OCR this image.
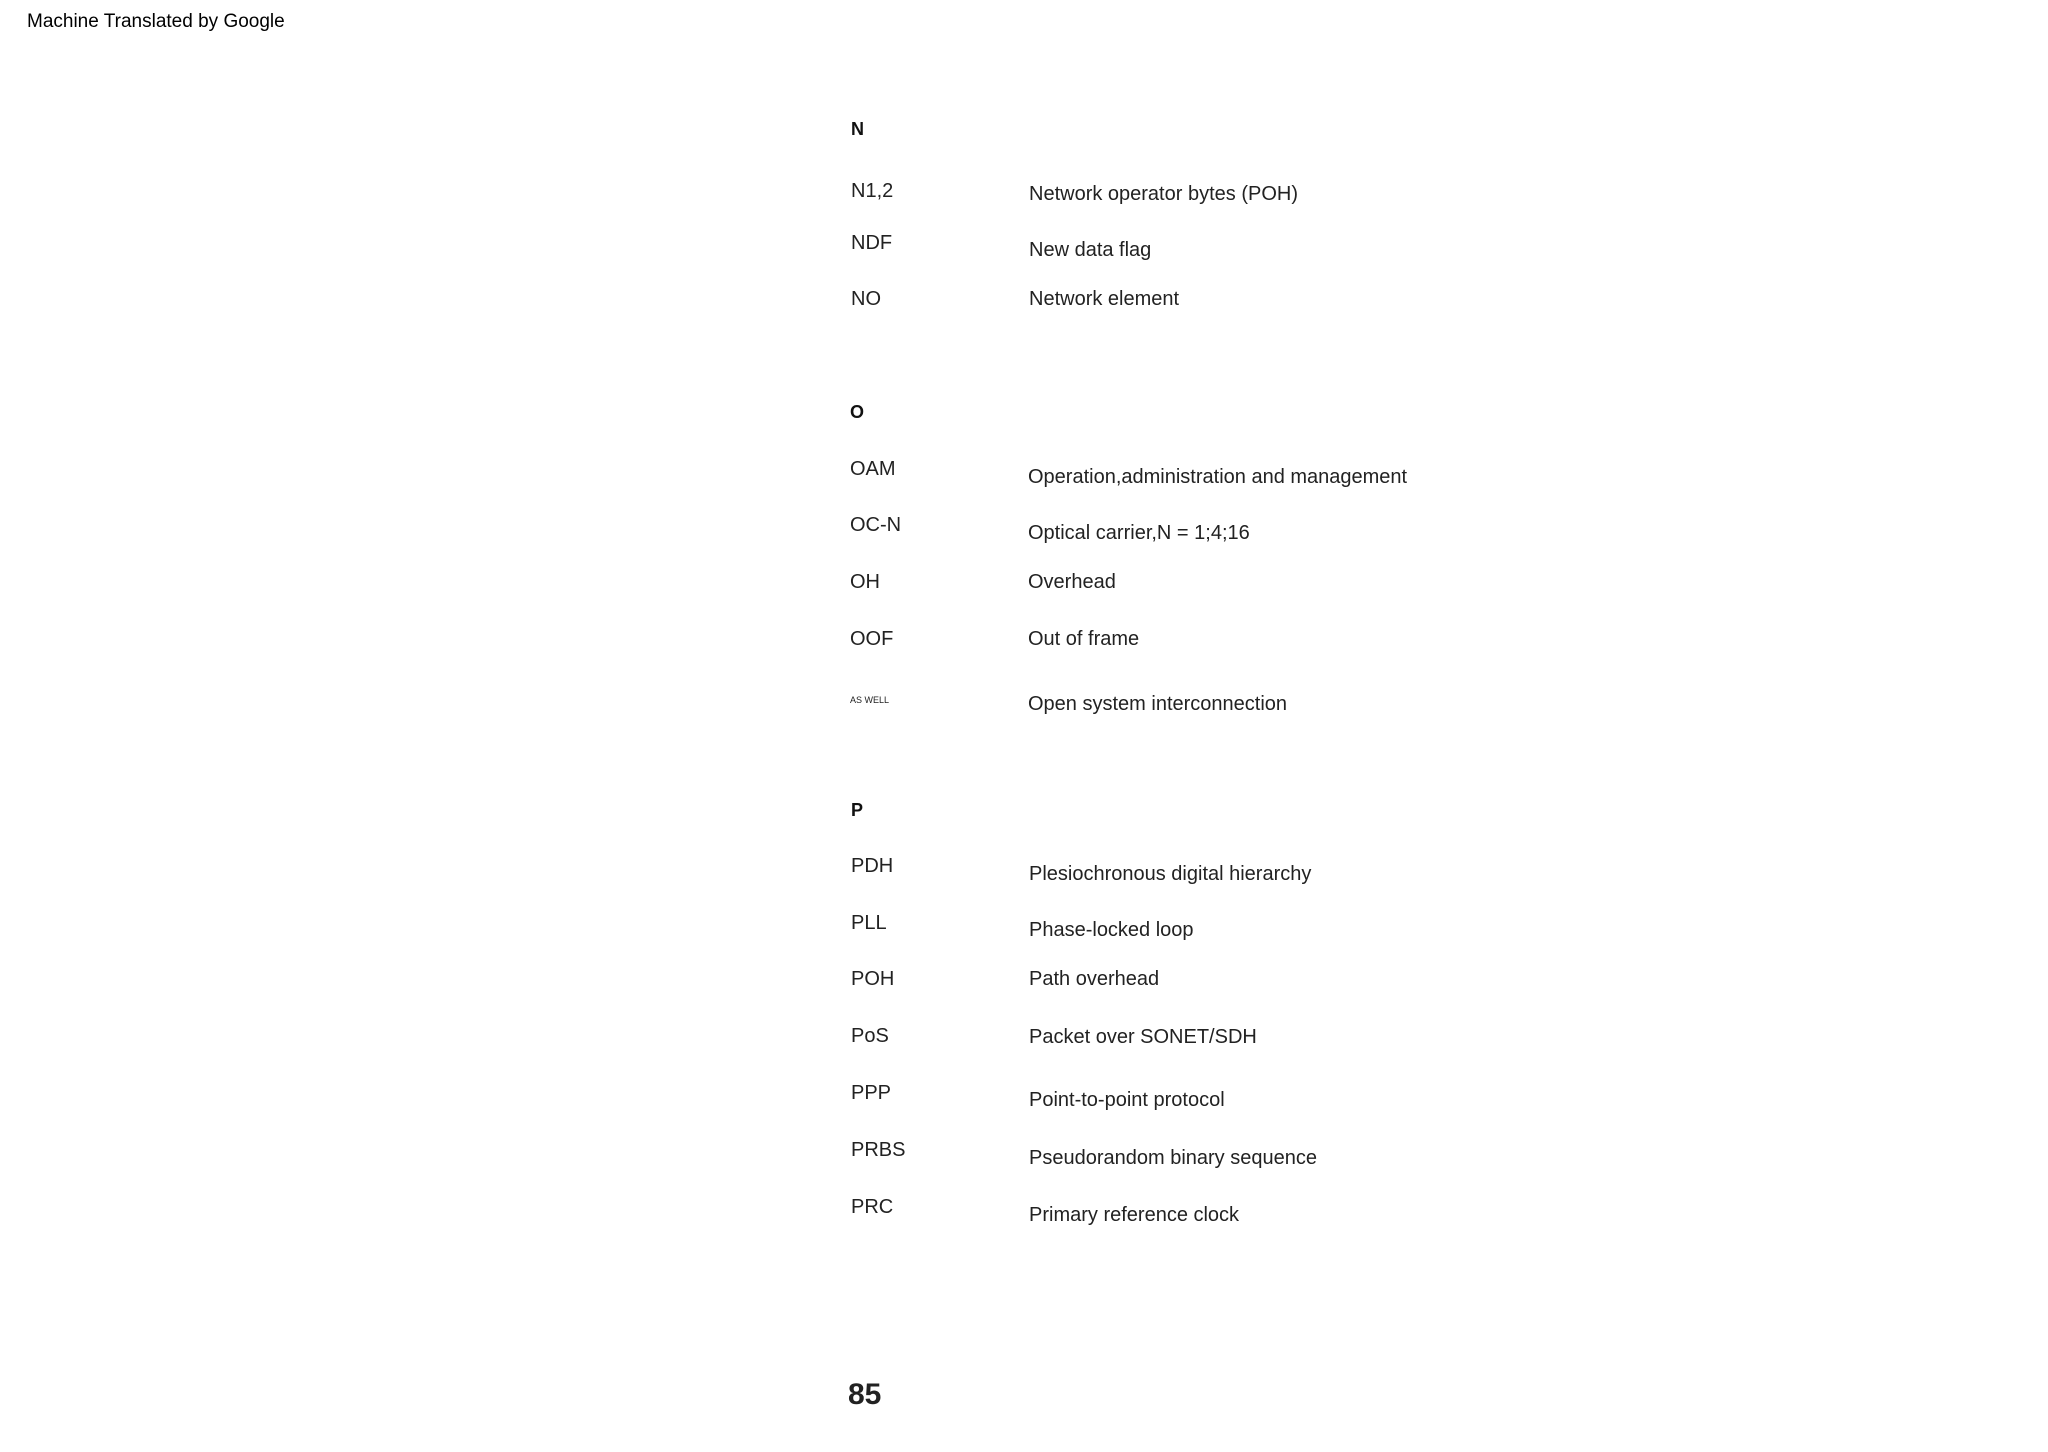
Machine Translated by Google
N
N1,2	Network operator bytes (POH)
NDF	New data flag
NO	Network element
O
OAM	Operation,administration and management
OC-N	Optical carrier,N = 1;4;16
OH	Overhead
OOF	Out of frame
AS WELL	Open system interconnection
P
PDH	Plesiochronous digital hierarchy
PLL	Phase-locked loop
POH	Path overhead
PoS	Packet over SONET/SDH
PPP	Point-to-point protocol
PRBS	Pseudorandom binary sequence
PRC	Primary reference clock
85
